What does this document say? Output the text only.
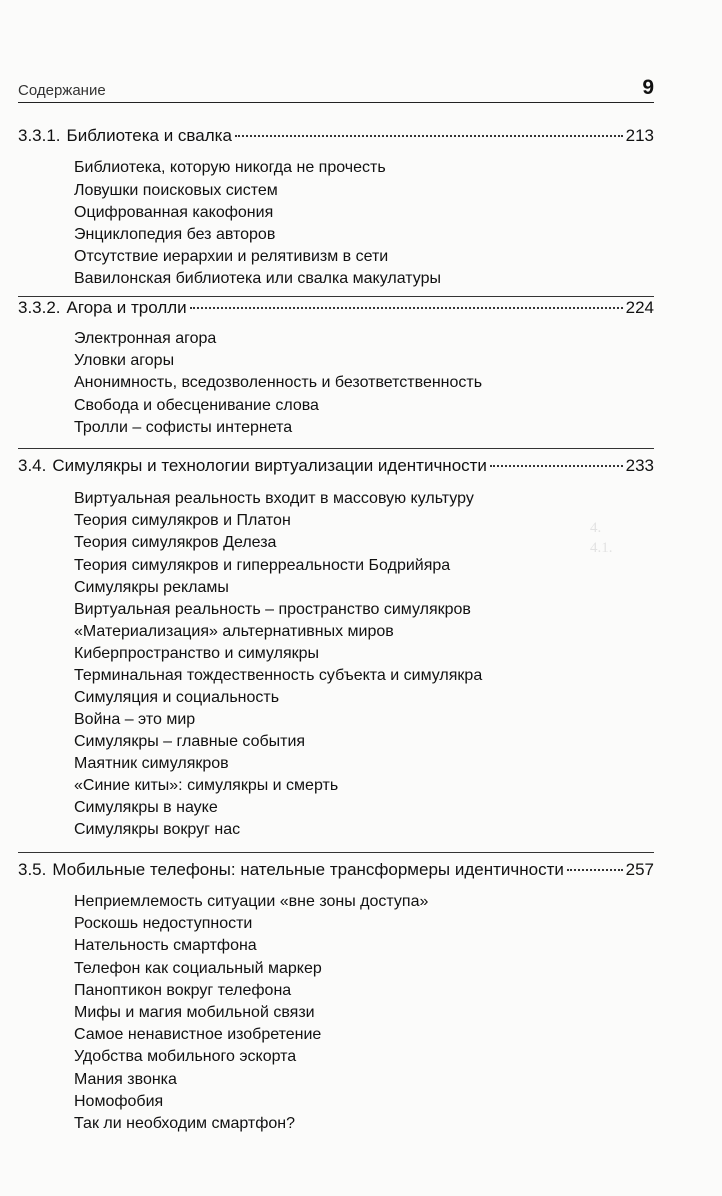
4.
4.1.
Содержание	9
3.3.1. Библиотека и свалка	213
Библиотека, которую никогда не прочесть
Ловушки поисковых систем
Оцифрованная какофония
Энциклопедия без авторов
Отсутствие иерархии и релятивизм в сети
Вавилонская библиотека или свалка макулатуры
3.3.2. Агора и тролли	224
Электронная агора
Уловки агоры
Анонимность, вседозволенность и безответственность
Свобода и обесценивание слова
Тролли – софисты интернета
3.4. Симулякры и технологии виртуализации идентичности	233
Виртуальная реальность входит в массовую культуру
Теория симулякров и Платон
Теория симулякров Делеза
Теория симулякров и гиперреальности Бодрийяра
Симулякры рекламы
Виртуальная реальность – пространство симулякров
«Материализация» альтернативных миров
Киберпространство и симулякры
Терминальная тождественность субъекта и симулякра
Симуляция и социальность
Война – это мир
Симулякры – главные события
Маятник симулякров
«Синие киты»: симулякры и смерть
Симулякры в науке
Симулякры вокруг нас
3.5. Мобильные телефоны: нательные трансформеры идентичности	257
Неприемлемость ситуации «вне зоны доступа»
Роскошь недоступности
Нательность смартфона
Телефон как социальный маркер
Паноптикон вокруг телефона
Мифы и магия мобильной связи
Самое ненавистное изобретение
Удобства мобильного эскорта
Мания звонка
Номофобия
Так ли необходим смартфон?
